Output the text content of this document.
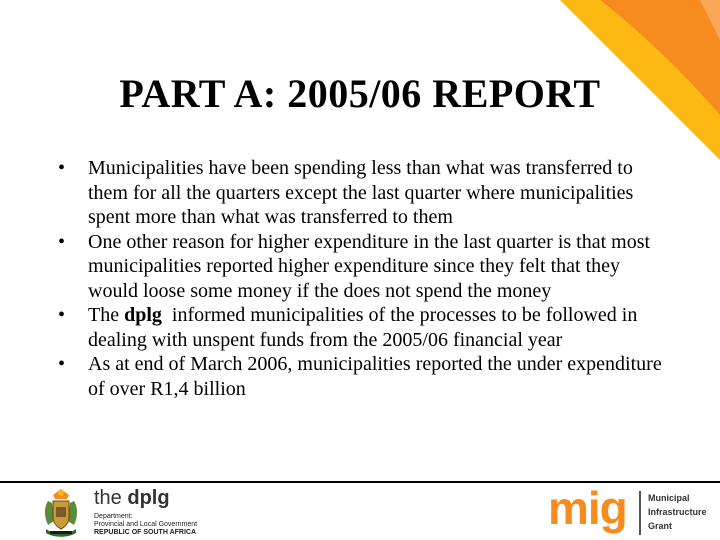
PART A: 2005/06 REPORT
• Municipalities have been spending less than what was transferred to them for all the quarters except the last quarter where municipalities spent more than what was transferred to them
• One other reason for higher expenditure in the last quarter is that most municipalities reported higher expenditure since they felt that they would loose some money if the does not spend the money
• The dplg  informed municipalities of the processes to be followed in dealing with unspent funds from the 2005/06 financial year
• As at end of March 2006, municipalities reported the under expenditure of over R1,4 billion
the dplg
Department:
Provincial and Local Government
REPUBLIC OF SOUTH AFRICA	mig Municipal
Infrastructure
Grant
